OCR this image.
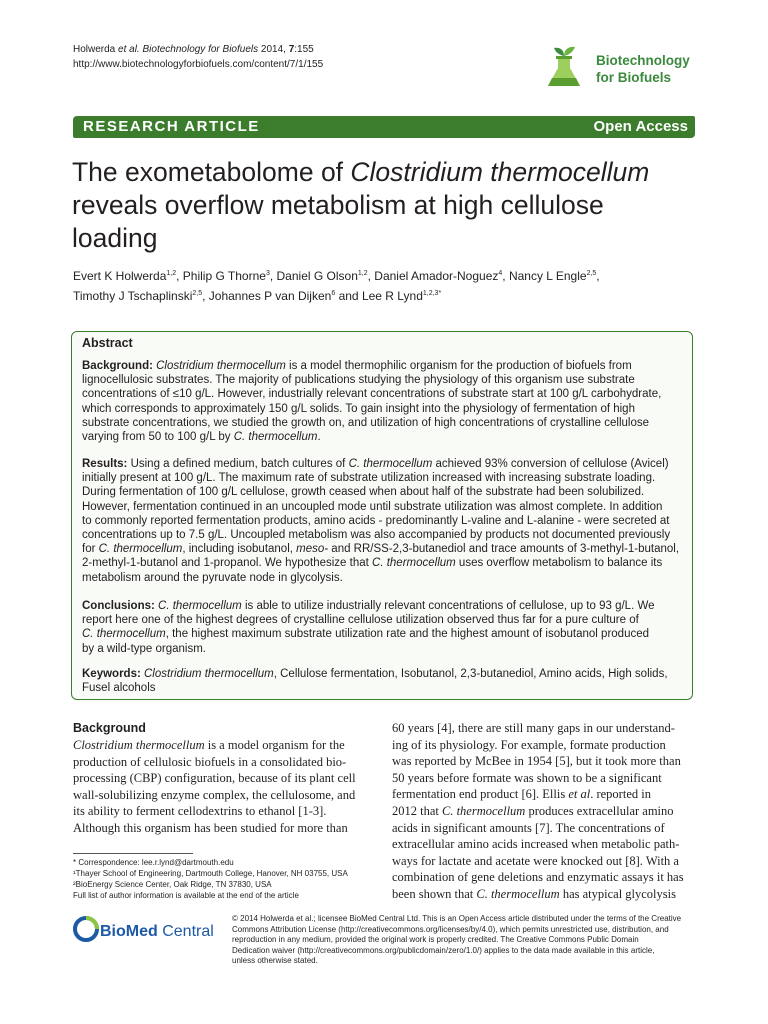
Holwerda et al. Biotechnology for Biofuels 2014, 7:155
http://www.biotechnologyforbiofuels.com/content/7/1/155	Biotechnology
for Biofuels
RESEARCH ARTICLE	Open Access
The exometabolome of Clostridium thermocellum
reveals overflow metabolism at high cellulose
loading
Evert K Holwerda$^{1,2}$, Philip G Thorne$^3$, Daniel G Olson$^{1,2}$, Daniel Amador-Noguez$^4$, Nancy L Engle$^{2,5}$,
Timothy J Tschaplinski$^{2,5}$, Johannes P van Dijken$^6$ and Lee R Lynd$^{1,2,3*}$
Abstract
Background: Clostridium thermocellum is a model thermophilic organism for the production of biofuels from
lignocellulosic substrates. The majority of publications studying the physiology of this organism use substrate
concentrations of ≤10 g/L. However, industrially relevant concentrations of substrate start at 100 g/L carbohydrate,
which corresponds to approximately 150 g/L solids. To gain insight into the physiology of fermentation of high
substrate concentrations, we studied the growth on, and utilization of high concentrations of crystalline cellulose
varying from 50 to 100 g/L by C. thermocellum.
Results: Using a defined medium, batch cultures of C. thermocellum achieved 93% conversion of cellulose (Avicel)
initially present at 100 g/L. The maximum rate of substrate utilization increased with increasing substrate loading.
During fermentation of 100 g/L cellulose, growth ceased when about half of the substrate had been solubilized.
However, fermentation continued in an uncoupled mode until substrate utilization was almost complete. In addition
to commonly reported fermentation products, amino acids - predominantly L-valine and L-alanine - were secreted at
concentrations up to 7.5 g/L. Uncoupled metabolism was also accompanied by products not documented previously
for C. thermocellum, including isobutanol, meso- and RR/SS-2,3-butanediol and trace amounts of 3-methyl-1-butanol,
2-methyl-1-butanol and 1-propanol. We hypothesize that C. thermocellum uses overflow metabolism to balance its
metabolism around the pyruvate node in glycolysis.
Conclusions: C. thermocellum is able to utilize industrially relevant concentrations of cellulose, up to 93 g/L. We
report here one of the highest degrees of crystalline cellulose utilization observed thus far for a pure culture of
C. thermocellum, the highest maximum substrate utilization rate and the highest amount of isobutanol produced
by a wild-type organism.
Keywords: Clostridium thermocellum, Cellulose fermentation, Isobutanol, 2,3-butanediol, Amino acids, High solids,
Fusel alcohols
Background
Clostridium thermocellum is a model organism for the
production of cellulosic biofuels in a consolidated bio-
processing (CBP) configuration, because of its plant cell
wall-solubilizing enzyme complex, the cellulosome, and
its ability to ferment cellodextrins to ethanol [1-3].
Although this organism has been studied for more than
60 years [4], there are still many gaps in our understand-
ing of its physiology. For example, formate production
was reported by McBee in 1954 [5], but it took more than
50 years before formate was shown to be a significant
fermentation end product [6]. Ellis et al. reported in
2012 that C. thermocellum produces extracellular amino
acids in significant amounts [7]. The concentrations of
extracellular amino acids increased when metabolic path-
ways for lactate and acetate were knocked out [8]. With a
combination of gene deletions and enzymatic assays it has
been shown that C. thermocellum has atypical glycolysis
* Correspondence: lee.r.lynd@dartmouth.edu
¹Thayer School of Engineering, Dartmouth College, Hanover, NH 03755, USA
²BioEnergy Science Center, Oak Ridge, TN 37830, USA
Full list of author information is available at the end of the article
BioMed Central
© 2014 Holwerda et al.; licensee BioMed Central Ltd. This is an Open Access article distributed under the terms of the Creative
Commons Attribution License (http://creativecommons.org/licenses/by/4.0), which permits unrestricted use, distribution, and
reproduction in any medium, provided the original work is properly credited. The Creative Commons Public Domain
Dedication waiver (http://creativecommons.org/publicdomain/zero/1.0/) applies to the data made available in this article,
unless otherwise stated.
